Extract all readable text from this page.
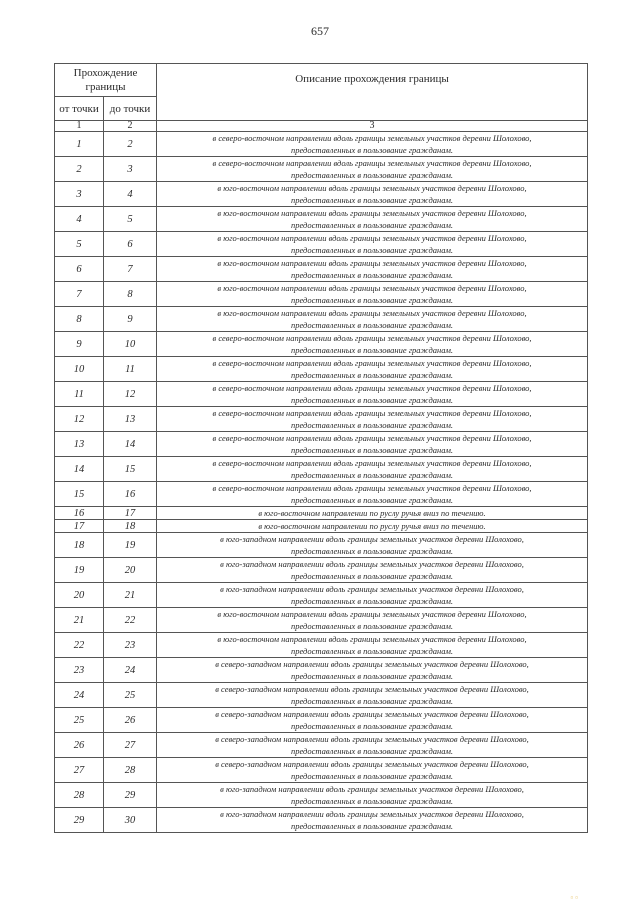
657
Прохождение границы		Описание прохождения границы
от точки	до точки	
1	2	3
1	2	в северо-восточном направлении вдоль границы земельных участков деревни Шолохово,
предоставленных в пользование гражданам.

2	3	в северо-восточном направлении вдоль границы земельных участков деревни Шолохово,
предоставленных в пользование гражданам.

3	4	в юго-восточном направлении вдоль границы земельных участков деревни Шолохово,
предоставленных в пользование гражданам.

4	5	в юго-восточном направлении вдоль границы земельных участков деревни Шолохово,
предоставленных в пользование гражданам.

5	6	в юго-восточном направлении вдоль границы земельных участков деревни Шолохово,
предоставленных в пользование гражданам.

6	7	в юго-восточном направлении вдоль границы земельных участков деревни Шолохово,
предоставленных в пользование гражданам.

7	8	в юго-восточном направлении вдоль границы земельных участков деревни Шолохово,
предоставленных в пользование гражданам.

8	9	в юго-восточном направлении вдоль границы земельных участков деревни Шолохово,
предоставленных в пользование гражданам.

9	10	в северо-восточном направлении вдоль границы земельных участков деревни Шолохово,
предоставленных в пользование гражданам.

10	11	в северо-восточном направлении вдоль границы земельных участков деревни Шолохово,
предоставленных в пользование гражданам.

11	12	в северо-восточном направлении вдоль границы земельных участков деревни Шолохово,
предоставленных в пользование гражданам.

12	13	в северо-восточном направлении вдоль границы земельных участков деревни Шолохово,
предоставленных в пользование гражданам.

13	14	в северо-восточном направлении вдоль границы земельных участков деревни Шолохово,
предоставленных в пользование гражданам.

14	15	в северо-восточном направлении вдоль границы земельных участков деревни Шолохово,
предоставленных в пользование гражданам.

15	16	в северо-восточном направлении вдоль границы земельных участков деревни Шолохово,
предоставленных в пользование гражданам.

16	17	в юго-восточном направлении по руслу ручья вниз по течению.

17	18	в юго-восточном направлении по руслу ручья вниз по течению.

18	19	в юго-западном направлении вдоль границы земельных участков деревни Шолохово,
предоставленных в пользование гражданам.

19	20	в юго-западном направлении вдоль границы земельных участков деревни Шолохово,
предоставленных в пользование гражданам.

20	21	в юго-западном направлении вдоль границы земельных участков деревни Шолохово,
предоставленных в пользование гражданам.

21	22	в юго-восточном направлении вдоль границы земельных участков деревни Шолохово,
предоставленных в пользование гражданам.

22	23	в юго-восточном направлении вдоль границы земельных участков деревни Шолохово,
предоставленных в пользование гражданам.

23	24	в северо-западном направлении вдоль границы земельных участков деревни Шолохово,
предоставленных в пользование гражданам.

24	25	в северо-западном направлении вдоль границы земельных участков деревни Шолохово,
предоставленных в пользование гражданам.

25	26	в северо-западном направлении вдоль границы земельных участков деревни Шолохово,
предоставленных в пользование гражданам.

26	27	в северо-западном направлении вдоль границы земельных участков деревни Шолохово,
предоставленных в пользование гражданам.

27	28	в северо-западном направлении вдоль границы земельных участков деревни Шолохово,
предоставленных в пользование гражданам.

28	29	в юго-западном направлении вдоль границы земельных участков деревни Шолохово,
предоставленных в пользование гражданам.

29	30	в юго-западном направлении вдоль границы земельных участков деревни Шолохово,
предоставленных в пользование гражданам.
▫ ▫
